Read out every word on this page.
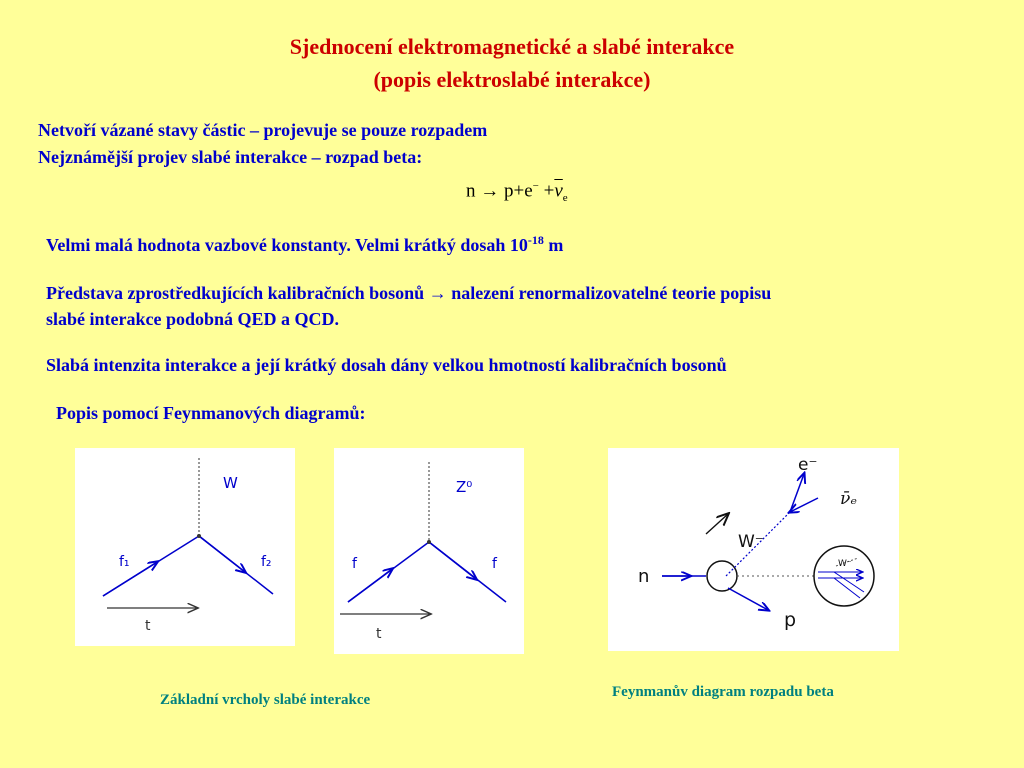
Sjednocení elektromagnetické a slabé interakce
(popis elektroslabé interakce)
Netvoří vázané stavy částic – projevuje se pouze rozpadem
Nejznámější projev slabé interakce – rozpad beta:
$n \to p+e^- +\overline{\nu}_e$
Velmi malá hodnota vazbové konstanty. Velmi krátký dosah $10^{-18}$ m
Představa zprostředkujících kalibračních bosonů → nalezení renormalizovatelné teorie popisu
slabé interakce podobná QED a QCD.
Slabá intenzita interakce a její krátký dosah dány velkou hmotností kalibračních bosonů
Popis pomocí Feynmanových diagramů:
W
f₁	f₂
t
Z⁰
f	f
t
e⁻
ν̄ₑ
W⁻
W⁻
n
p
Základní vrcholy slabé interakce	Feynmanův diagram rozpadu beta
